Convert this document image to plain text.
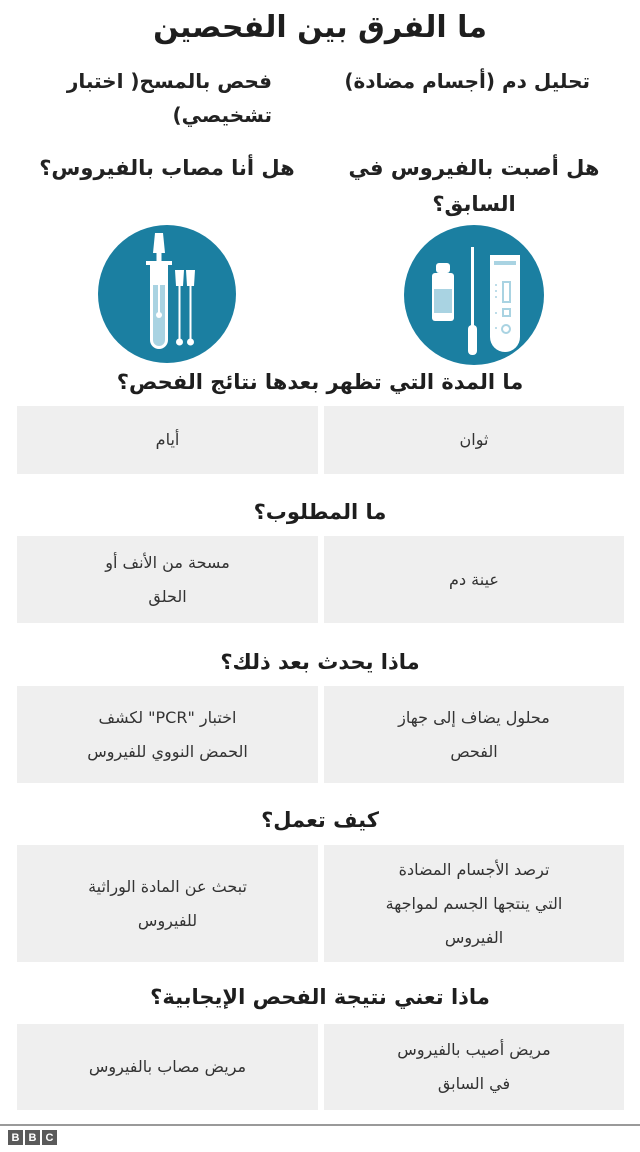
ما الفرق بين الفحصين
تحليل دم (أجسام مضادة)
فحص بالمسح( اختبار
تشخيصي)
هل أصبت بالفيروس في
السابق؟
هل أنا مصاب بالفيروس؟
ما المدة التي تظهر بعدها نتائج الفحص؟
ثوان
أيام
ما المطلوب؟
عينة دم
مسحة من الأنف أو
الحلق
ماذا يحدث بعد ذلك؟
محلول يضاف إلى جهاز
الفحص
اختبار "PCR" لكشف
الحمض النووي للفيروس
كيف تعمل؟
ترصد الأجسام المضادة
التي ينتجها الجسم لمواجهة
الفيروس
تبحث عن المادة الوراثية
للفيروس
ماذا تعني نتيجة الفحص الإيجابية؟
مريض أصيب بالفيروس
في السابق
مريض مصاب بالفيروس
B B C
